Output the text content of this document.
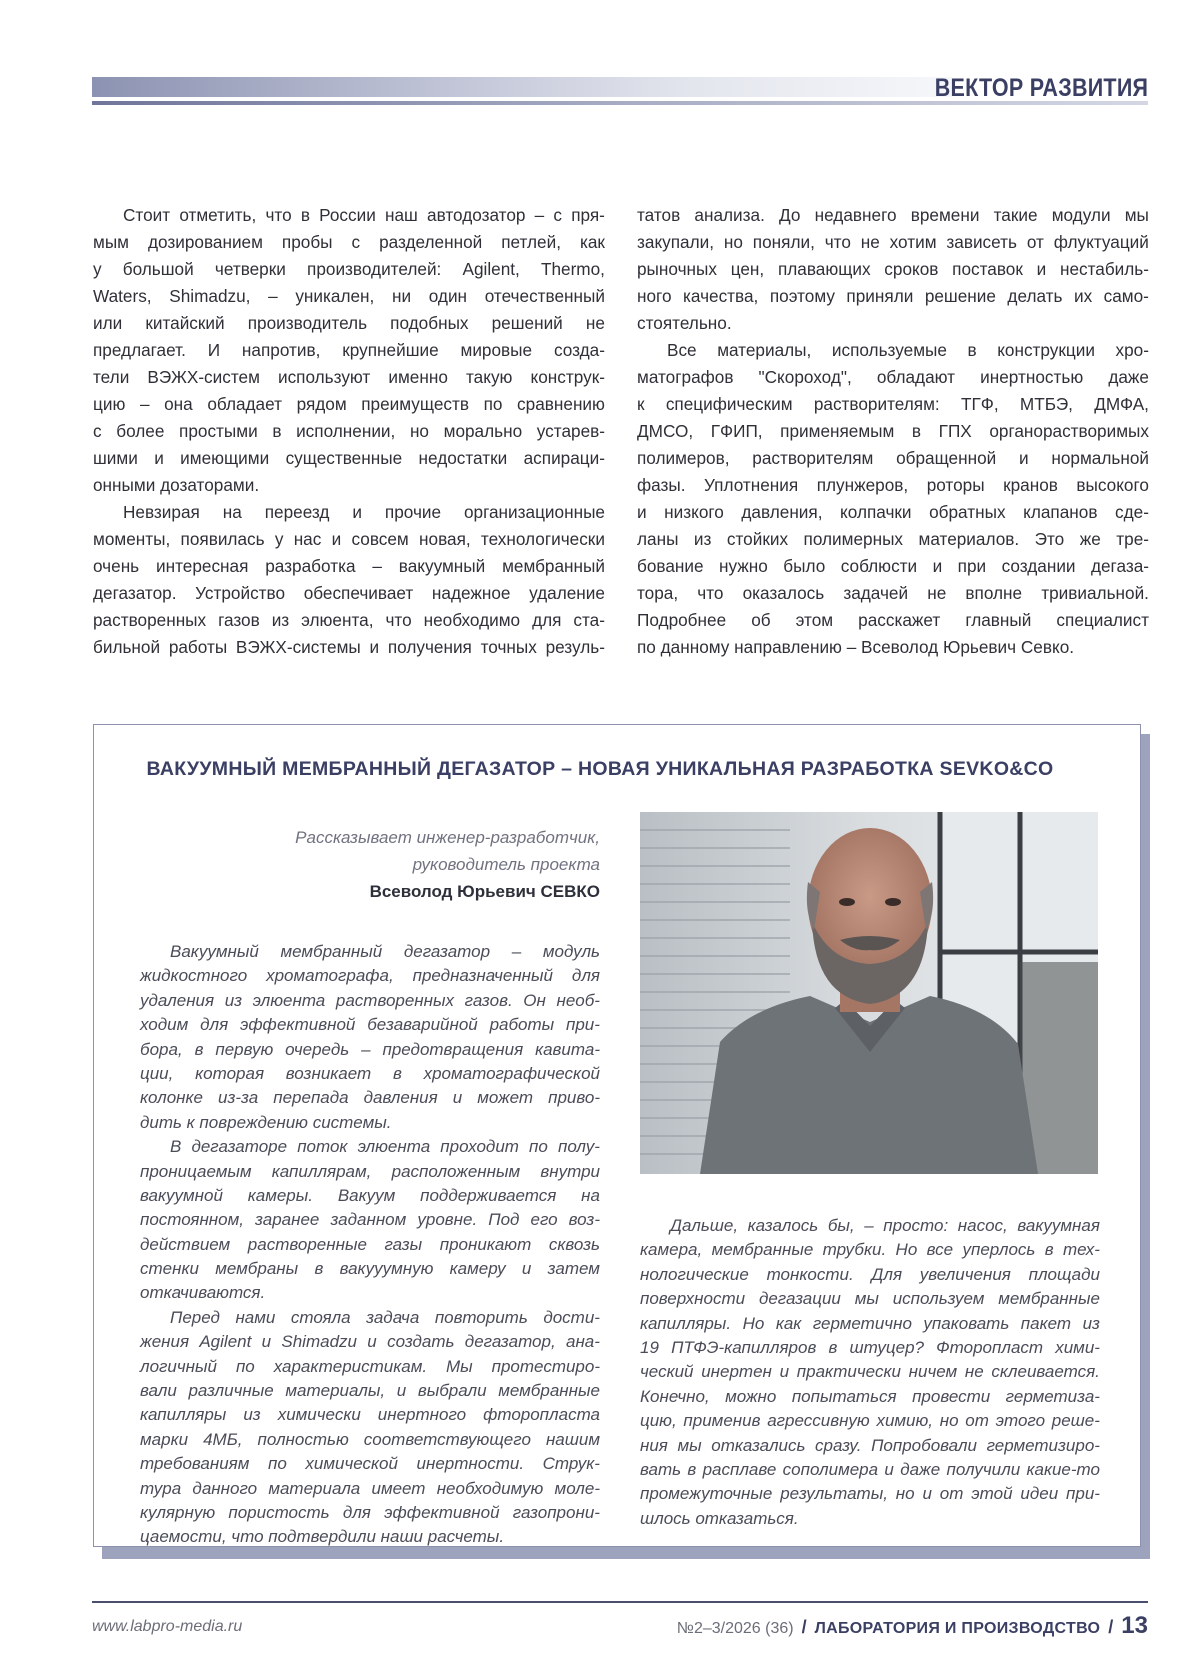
ВЕКТОР РАЗВИТИЯ
Стоит отметить, что в России наш автодозатор – с пря-
мым дозированием пробы с разделенной петлей, как
у большой четверки производителей: Agilent, Thermo,
Waters, Shimadzu, – уникален, ни один отечественный
или китайский производитель подобных решений не
предлагает. И напротив, крупнейшие мировые созда-
тели ВЭЖХ-систем используют именно такую конструк-
цию – она обладает рядом преимуществ по сравнению
с более простыми в исполнении, но морально устарев-
шими и имеющими существенные недостатки аспираци-
онными дозаторами.
Невзирая на переезд и прочие организационные
моменты, появилась у нас и совсем новая, технологически
очень интересная разработка – вакуумный мембранный
дегазатор. Устройство обеспечивает надежное удаление
растворенных газов из элюента, что необходимо для ста-
бильной работы ВЭЖХ-системы и получения точных резуль-
татов анализа. До недавнего времени такие модули мы
закупали, но поняли, что не хотим зависеть от флуктуаций
рыночных цен, плавающих сроков поставок и нестабиль-
ного качества, поэтому приняли решение делать их само-
стоятельно.
Все материалы, используемые в конструкции хро-
матографов "Скороход", обладают инертностью даже
к специфическим растворителям: ТГФ, МТБЭ, ДМФА,
ДМСО, ГФИП, применяемым в ГПХ органорастворимых
полимеров, растворителям обращенной и нормальной
фазы. Уплотнения плунжеров, роторы кранов высокого
и низкого давления, колпачки обратных клапанов сде-
ланы из стойких полимерных материалов. Это же тре-
бование нужно было соблюсти и при создании дегаза-
тора, что оказалось задачей не вполне тривиальной.
Подробнее об этом расскажет главный специалист
по данному направлению – Всеволод Юрьевич Севко.
ВАКУУМНЫЙ МЕМБРАННЫЙ ДЕГАЗАТОР – НОВАЯ УНИКАЛЬНАЯ РАЗРАБОТКА SEVKO&CO
Рассказывает инженер-разработчик,
руководитель проекта
Всеволод Юрьевич СЕВКО
Вакуумный мембранный дегазатор – модуль
жидкостного хроматографа, предназначенный для
удаления из элюента растворенных газов. Он необ-
ходим для эффективной безаварийной работы при-
бора, в первую очередь – предотвращения кавита-
ции, которая возникает в хроматографической
колонке из-за перепада давления и может приво-
дить к повреждению системы.
В дегазаторе поток элюента проходит по полу-
проницаемым капиллярам, расположенным внутри
вакуумной камеры. Вакуум поддерживается на
постоянном, заранее заданном уровне. Под его воз-
действием растворенные газы проникают сквозь
стенки мембраны в вакууумную камеру и затем
откачиваются.
Перед нами стояла задача повторить дости-
жения Agilent и Shimadzu и создать дегазатор, ана-
логичный по характеристикам. Мы протестиро-
вали различные материалы, и выбрали мембранные
капилляры из химически инертного фторопласта
марки 4МБ, полностью соответствующего нашим
требованиям по химической инертности. Струк-
тура данного материала имеет необходимую моле-
кулярную пористость для эффективной газопрони-
цаемости, что подтвердили наши расчеты.
Дальше, казалось бы, – просто: насос, вакуумная
камера, мембранные трубки. Но все уперлось в тех-
нологические тонкости. Для увеличения площади
поверхности дегазации мы используем мембранные
капилляры. Но как герметично упаковать пакет из
19 ПТФЭ-капилляров в штуцер? Фторопласт хими-
ческий инертен и практически ничем не склеивается.
Конечно, можно попытаться провести герметиза-
цию, применив агрессивную химию, но от этого реше-
ния мы отказались сразу. Попробовали герметизиро-
вать в расплаве сополимера и даже получили какие-то
промежуточные результаты, но и от этой идеи при-
шлось отказаться.
www.labpro-media.ru	№2–3/2026 (36) / ЛАБОРАТОРИЯ И ПРОИЗВОДСТВО / 13
